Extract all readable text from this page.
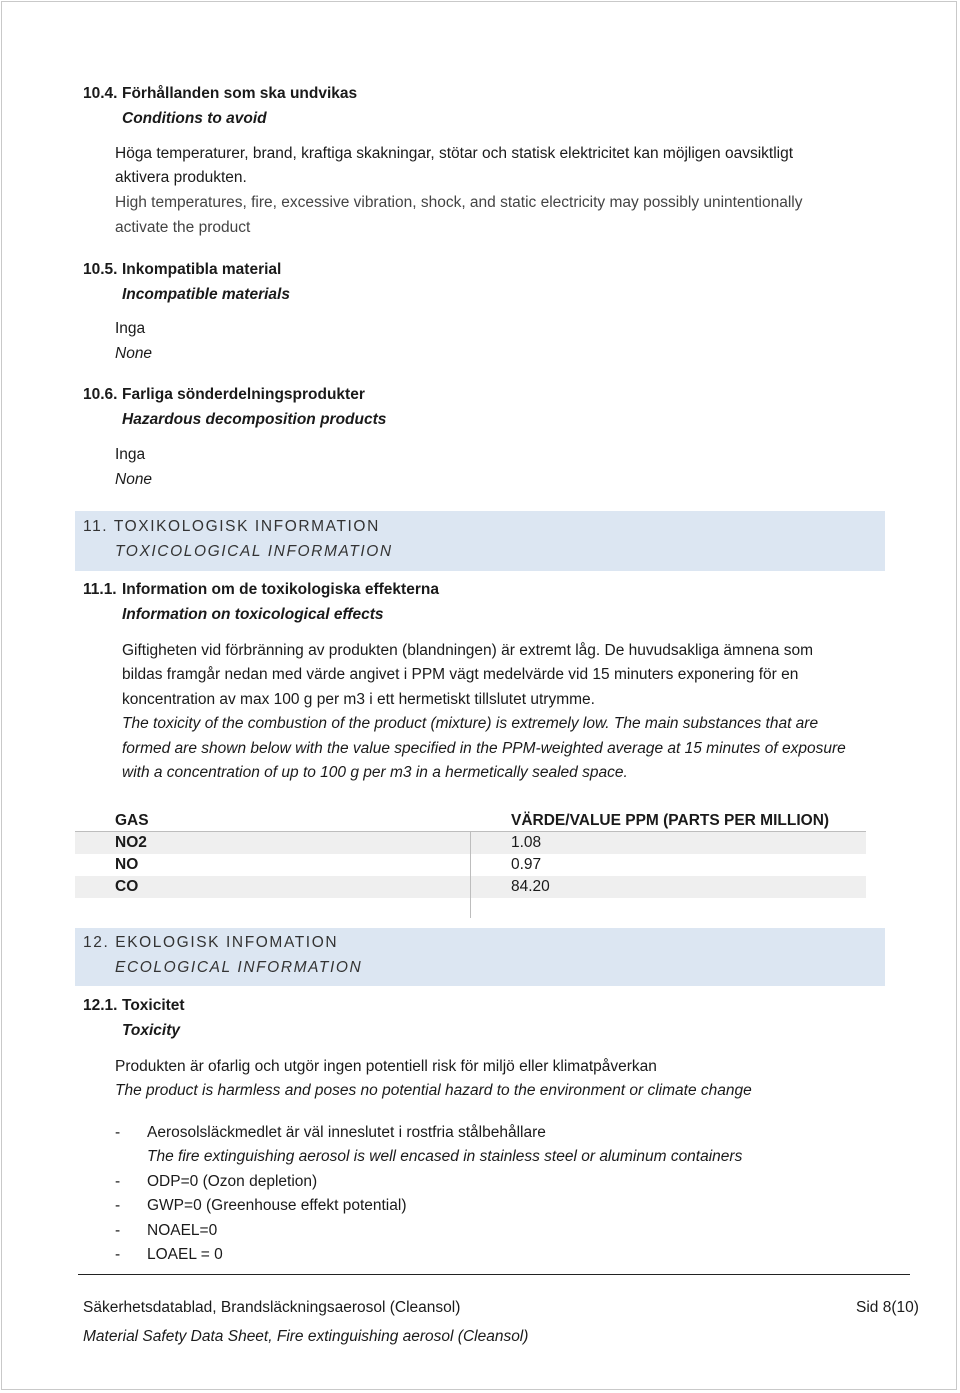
10.4. Förhållanden som ska undvikas
Conditions to avoid
Höga temperaturer, brand, kraftiga skakningar, stötar och statisk elektricitet kan möjligen oavsiktligt
aktivera produkten.
High temperatures, fire, excessive vibration, shock, and static electricity may possibly unintentionally
activate the product
10.5. Inkompatibla material
Incompatible materials
Inga
None
10.6. Farliga sönderdelningsprodukter
Hazardous decomposition products
Inga
None
11. TOXIKOLOGISK INFORMATION
TOXICOLOGICAL INFORMATION
11.1. Information om de toxikologiska effekterna
Information on toxicological effects
Giftigheten vid förbränning av produkten (blandningen) är extremt låg. De huvudsakliga ämnena som
bildas framgår nedan med värde angivet i PPM vägt medelvärde vid 15 minuters exponering för en
koncentration av max 100 g per m3 i ett hermetiskt tillslutet utrymme.
The toxicity of the combustion of the product (mixture) is extremely low. The main substances that are
formed are shown below with the value specified in the PPM-weighted average at 15 minutes of exposure
with a concentration of up to 100 g per m3 in a hermetically sealed space.
GAS	VÄRDE/VALUE PPM (PARTS PER MILLION)
NO2	1.08
NO	0.97
CO	84.20
12. EKOLOGISK INFOMATION
ECOLOGICAL INFORMATION
12.1. Toxicitet
Toxicity
Produkten är ofarlig och utgör ingen potentiell risk för miljö eller klimatpåverkan
The product is harmless and poses no potential hazard to the environment or climate change
- Aerosolsläckmedlet är väl inneslutet i rostfria stålbehållare
The fire extinguishing aerosol is well encased in stainless steel or aluminum containers
- ODP=0 (Ozon depletion)
- GWP=0 (Greenhouse effekt potential)
- NOAEL=0
- LOAEL = 0
Säkerhetsdatablad, Brandsläckningsaerosol (Cleansol)	Sid 8(10)
Material Safety Data Sheet, Fire extinguishing aerosol (Cleansol)
